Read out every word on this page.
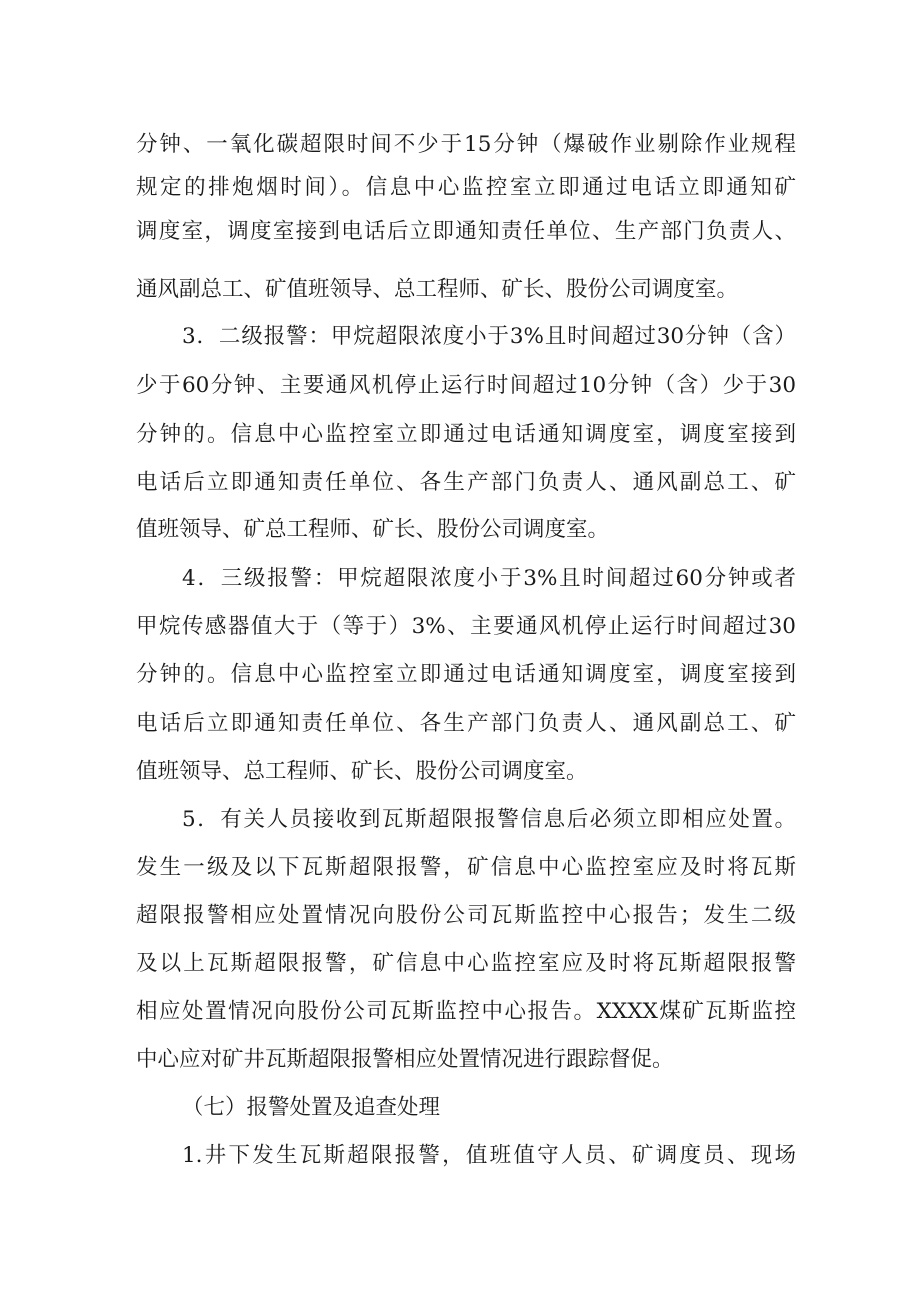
分钟、一氧化碳超限时间不少于15分钟（爆破作业剔除作业规程
规定的排炮烟时间）。信息中心监控室立即通过电话立即通知矿
调度室，调度室接到电话后立即通知责任单位、生产部门负责人、
通风副总工、矿值班领导、总工程师、矿长、股份公司调度室。
3．二级报警：甲烷超限浓度小于3%且时间超过30分钟（含）
少于60分钟、主要通风机停止运行时间超过10分钟（含）少于30
分钟的。信息中心监控室立即通过电话通知调度室，调度室接到
电话后立即通知责任单位、各生产部门负责人、通风副总工、矿
值班领导、矿总工程师、矿长、股份公司调度室。
4．三级报警：甲烷超限浓度小于3%且时间超过60分钟或者
甲烷传感器值大于（等于）3%、主要通风机停止运行时间超过30
分钟的。信息中心监控室立即通过电话通知调度室，调度室接到
电话后立即通知责任单位、各生产部门负责人、通风副总工、矿
值班领导、总工程师、矿长、股份公司调度室。
5．有关人员接收到瓦斯超限报警信息后必须立即相应处置。
发生一级及以下瓦斯超限报警，矿信息中心监控室应及时将瓦斯
超限报警相应处置情况向股份公司瓦斯监控中心报告；发生二级
及以上瓦斯超限报警，矿信息中心监控室应及时将瓦斯超限报警
相应处置情况向股份公司瓦斯监控中心报告。XXXX煤矿瓦斯监控
中心应对矿井瓦斯超限报警相应处置情况进行跟踪督促。
（七）报警处置及追查处理
1.井下发生瓦斯超限报警，值班值守人员、矿调度员、现场
